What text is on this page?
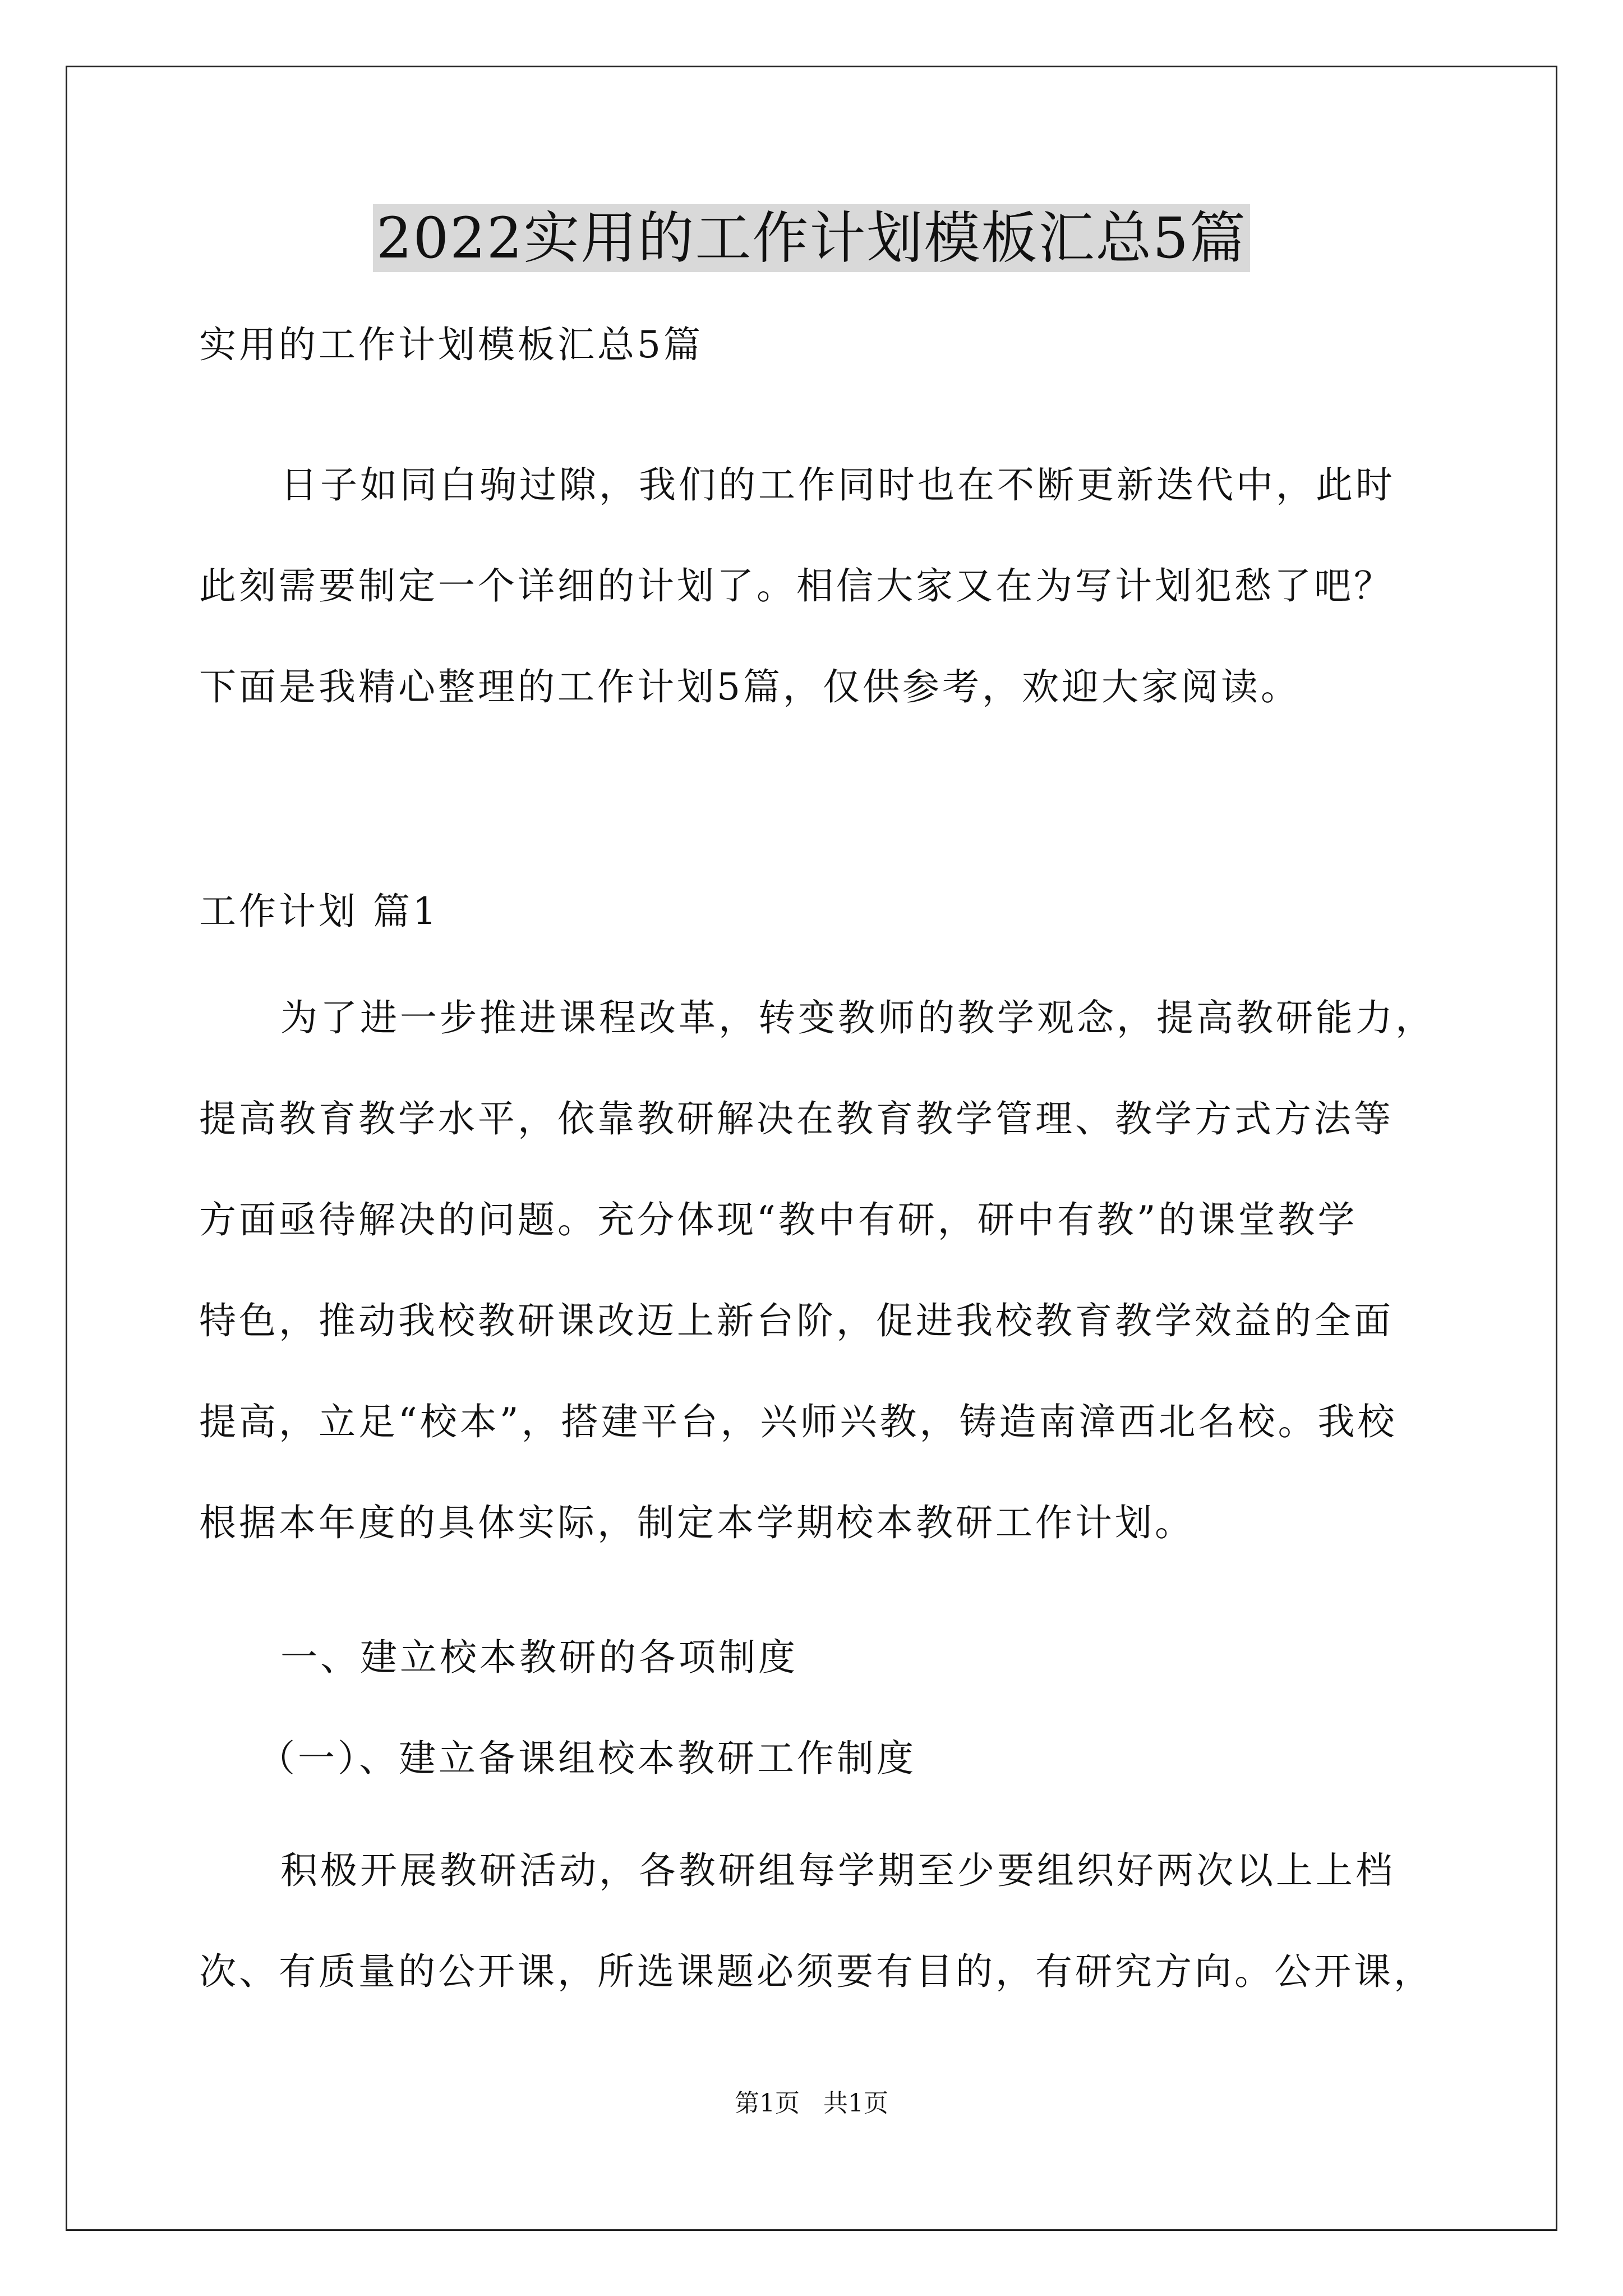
2022实用的工作计划模板汇总5篇
实用的工作计划模板汇总5篇
日子如同白驹过隙，我们的工作同时也在不断更新迭代中，此时
此刻需要制定一个详细的计划了。相信大家又在为写计划犯愁了吧？
下面是我精心整理的工作计划5篇，仅供参考，欢迎大家阅读。
工作计划 篇1
为了进一步推进课程改革，转变教师的教学观念，提高教研能力，
提高教育教学水平，依靠教研解决在教育教学管理、教学方式方法等
方面亟待解决的问题。充分体现“教中有研，研中有教”的课堂教学
特色，推动我校教研课改迈上新台阶，促进我校教育教学效益的全面
提高，立足“校本”，搭建平台，兴师兴教，铸造南漳西北名校。我校
根据本年度的具体实际，制定本学期校本教研工作计划。
一、建立校本教研的各项制度
（一）、建立备课组校本教研工作制度
积极开展教研活动，各教研组每学期至少要组织好两次以上上档
次、有质量的公开课，所选课题必须要有目的，有研究方向。公开课，
第1页   共1页
